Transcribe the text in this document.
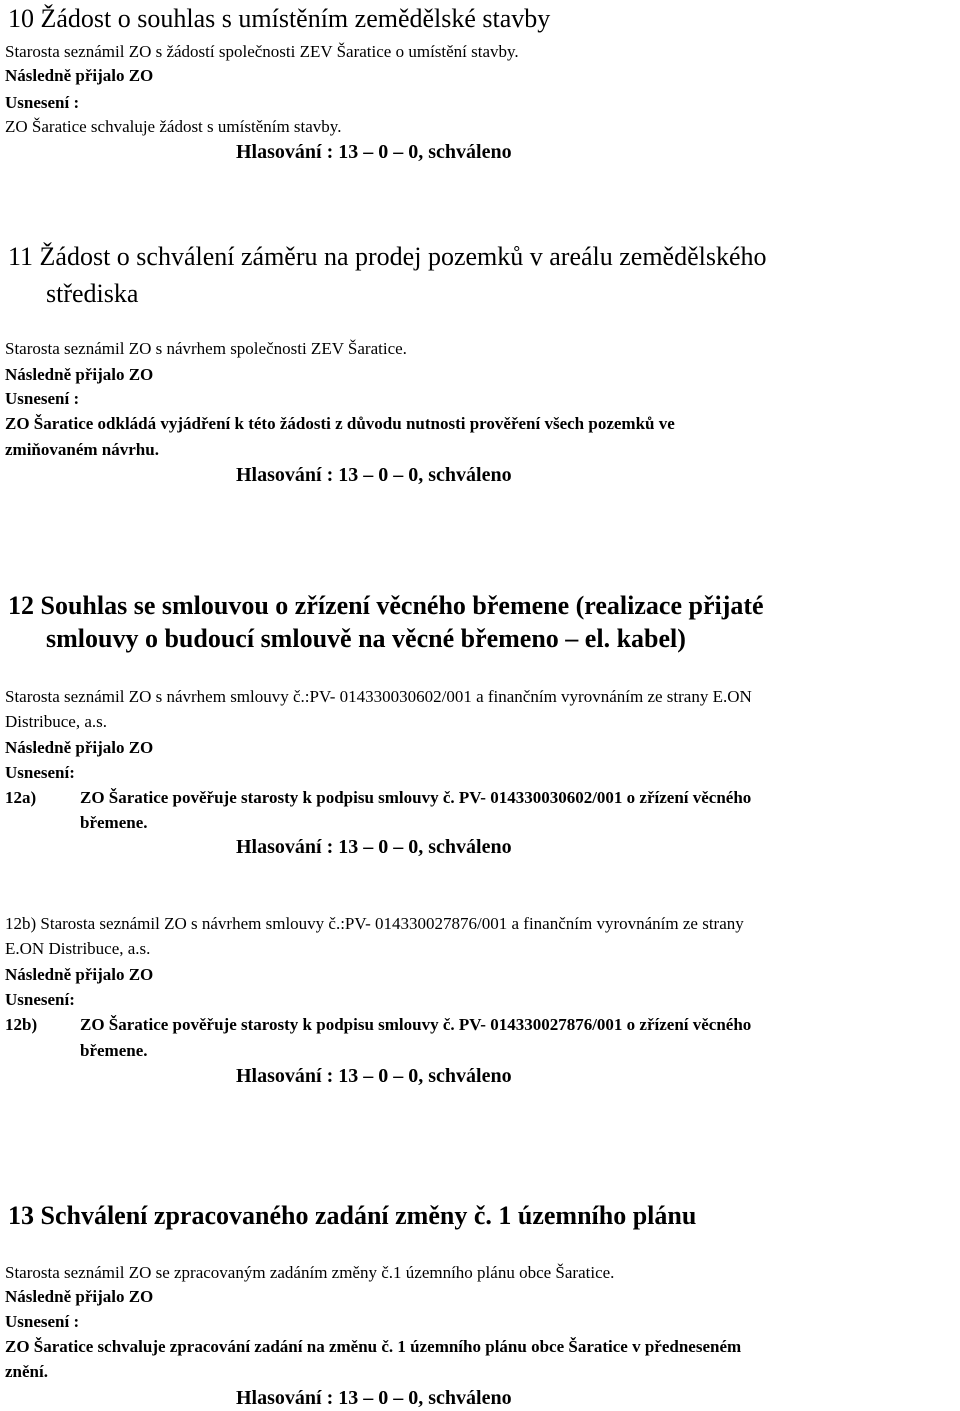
10 Žádost o souhlas s umístěním zemědělské stavby
Starosta seznámil ZO s žádostí společnosti ZEV Šaratice o umístění stavby.
Následně přijalo ZO
Usnesení :
ZO Šaratice schvaluje žádost s umístěním stavby.
Hlasování : 13 – 0 – 0, schváleno
11 Žádost o schválení záměru na prodej pozemků v areálu zemědělského
střediska
Starosta seznámil ZO s návrhem společnosti ZEV Šaratice.
Následně přijalo ZO
Usnesení :
ZO Šaratice odkládá vyjádření k této žádosti z důvodu nutnosti prověření všech pozemků ve
zmiňovaném návrhu.
Hlasování : 13 – 0 – 0, schváleno
12 Souhlas se smlouvou o zřízení věcného břemene (realizace přijaté
smlouvy o budoucí smlouvě na věcné břemeno – el. kabel)
Starosta seznámil ZO s návrhem smlouvy č.:PV- 014330030602/001 a finančním vyrovnáním ze strany E.ON
Distribuce, a.s.
Následně přijalo ZO
Usnesení:
12a)	ZO Šaratice pověřuje starosty k podpisu smlouvy č. PV- 014330030602/001 o zřízení věcného
břemene.
Hlasování : 13 – 0 – 0, schváleno
12b) Starosta seznámil ZO s návrhem smlouvy č.:PV- 014330027876/001 a finančním vyrovnáním ze strany
E.ON Distribuce, a.s.
Následně přijalo ZO
Usnesení:
12b)	ZO Šaratice pověřuje starosty k podpisu smlouvy č. PV- 014330027876/001 o zřízení věcného
břemene.
Hlasování : 13 – 0 – 0, schváleno
13 Schválení zpracovaného zadání změny č. 1 územního plánu
Starosta seznámil ZO se zpracovaným zadáním změny č.1 územního plánu obce Šaratice.
Následně přijalo ZO
Usnesení :
ZO Šaratice schvaluje zpracování zadání na změnu č. 1 územního plánu obce Šaratice v předneseném
znění.
Hlasování : 13 – 0 – 0, schváleno
